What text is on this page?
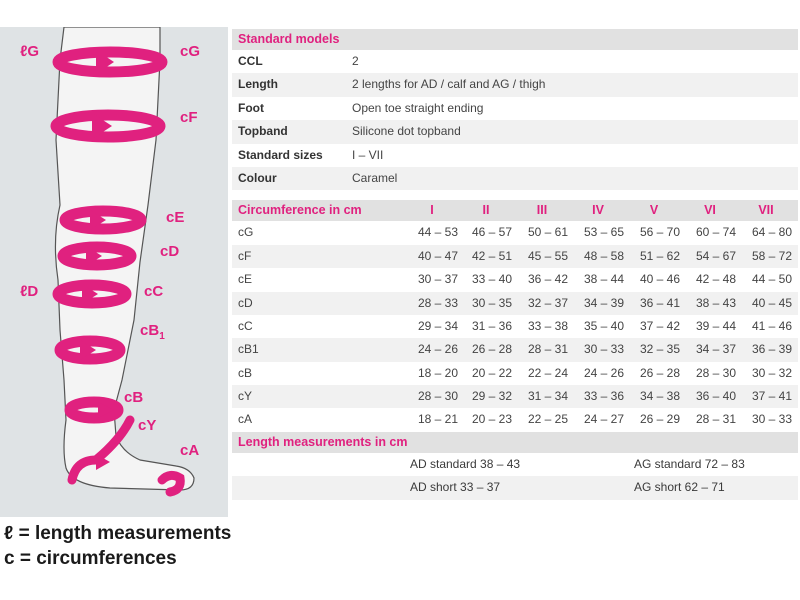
ℓG	cG
cF
cE
cD
ℓD	cC
$cB_1$
cB
cY
cA
ℓ = length measurements
c = circumferences
Standard models
CCL	2
Length	2 lengths for AD / calf and AG / thigh
Foot	Open toe straight ending
Topband	Silicone dot topband
Standard sizes I – VII
Colour	Caramel
Circumference in cm	I	II	III	IV	V	VI	VII
cG	44 – 53	46 – 57	50 – 61	53 – 65	56 – 70	60 – 74	64 – 80
cF	40 – 47	42 – 51	45 – 55	48 – 58	51 – 62	54 – 67	58 – 72
cE	30 – 37	33 – 40	36 – 42	38 – 44	40 – 46	42 – 48	44 – 50
cD	28 – 33	30 – 35	32 – 37	34 – 39	36 – 41	38 – 43	40 – 45
cC	29 – 34	31 – 36	33 – 38	35 – 40	37 – 42	39 – 44	41 – 46
cB1	24 – 26	26 – 28	28 – 31	30 – 33	32 – 35	34 – 37	36 – 39
cB	18 – 20	20 – 22	22 – 24	24 – 26	26 – 28	28 – 30	30 – 32
cY	28 – 30	29 – 32	31 – 34	33 – 36	34 – 38	36 – 40	37 – 41
cA	18 – 21	20 – 23	22 – 25	24 – 27	26 – 29	28 – 31	30 – 33
Length measurements in cm
AD standard 38 – 43	AG standard 72 – 83
AD short 33 – 37	AG short 62 – 71
